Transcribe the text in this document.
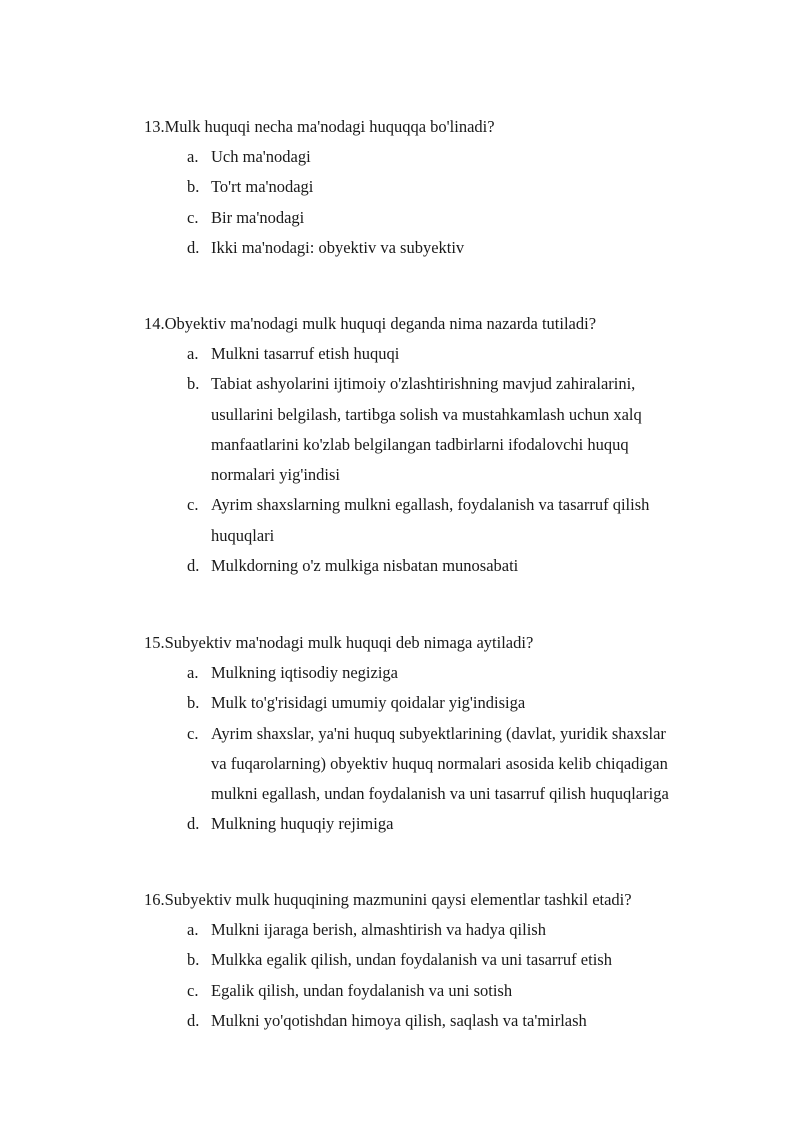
13.Mulk huquqi necha ma'nodagi huquqqa bo'linadi?
a. Uch ma'nodagi
b. To'rt ma'nodagi
c. Bir ma'nodagi
d. Ikki ma'nodagi: obyektiv va subyektiv
14.Obyektiv ma'nodagi mulk huquqi deganda nima nazarda tutiladi?
a. Mulkni tasarruf etish huquqi
b. Tabiat ashyolarini ijtimoiy o'zlashtirishning mavjud zahiralarini,
usullarini belgilash, tartibga solish va mustahkamlash uchun xalq
manfaatlarini ko'zlab belgilangan tadbirlarni ifodalovchi huquq
normalari yig'indisi
c. Ayrim shaxslarning mulkni egallash, foydalanish va tasarruf qilish
huquqlari
d. Mulkdorning o'z mulkiga nisbatan munosabati
15.Subyektiv ma'nodagi mulk huquqi deb nimaga aytiladi?
a. Mulkning iqtisodiy negiziga
b. Mulk to'g'risidagi umumiy qoidalar yig'indisiga
c. Ayrim shaxslar, ya'ni huquq subyektlarining (davlat, yuridik shaxslar
va fuqarolarning) obyektiv huquq normalari asosida kelib chiqadigan
mulkni egallash, undan foydalanish va uni tasarruf qilish huquqlariga
d. Mulkning huquqiy rejimiga
16.Subyektiv mulk huquqining mazmunini qaysi elementlar tashkil etadi?
a. Mulkni ijaraga berish, almashtirish va hadya qilish
b. Mulkka egalik qilish, undan foydalanish va uni tasarruf etish
c. Egalik qilish, undan foydalanish va uni sotish
d. Mulkni yo'qotishdan himoya qilish, saqlash va ta'mirlash
